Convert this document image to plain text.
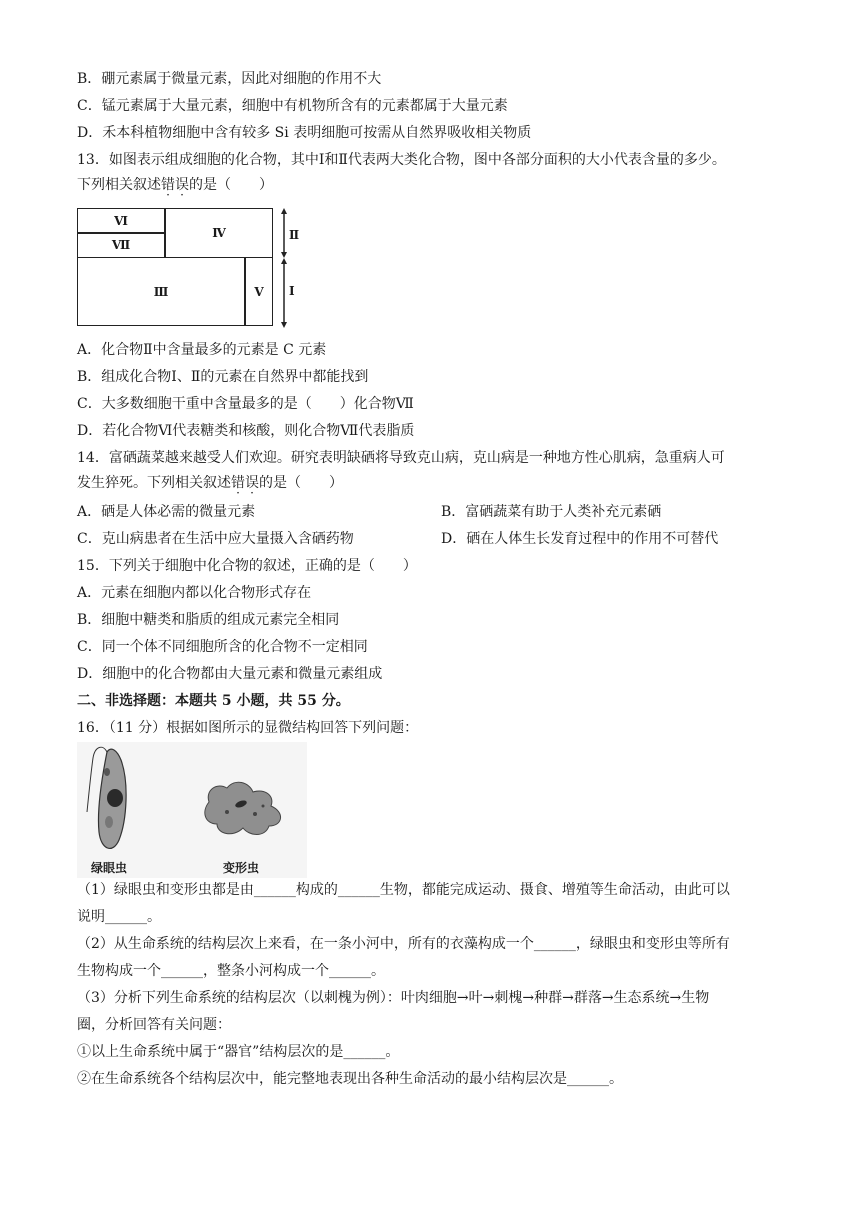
B．硼元素属于微量元素，因此对细胞的作用不大
C．锰元素属于大量元素，细胞中有机物所含有的元素都属于大量元素
D．禾本科植物细胞中含有较多 Si 表明细胞可按需从自然界吸收相关物质
13．如图表示组成细胞的化合物，其中Ⅰ和Ⅱ代表两大类化合物，图中各部分面积的大小代表含量的多少。
下列相关叙述错误的是（　　）
Ⅵ
Ⅶ
Ⅳ
Ⅲ	Ⅴ
Ⅱ
Ⅰ
A．化合物Ⅱ中含量最多的元素是 C 元素
B．组成化合物Ⅰ、Ⅱ的元素在自然界中都能找到
C．大多数细胞干重中含量最多的是（　　）化合物Ⅶ
D．若化合物Ⅵ代表糖类和核酸，则化合物Ⅶ代表脂质
14．富硒蔬菜越来越受人们欢迎。研究表明缺硒将导致克山病，克山病是一种地方性心肌病，急重病人可
发生猝死。下列相关叙述错误的是（　　）
A．硒是人体必需的微量元素	B．富硒蔬菜有助于人类补充元素硒
C．克山病患者在生活中应大量摄入含硒药物	D．硒在人体生长发育过程中的作用不可替代
15．下列关于细胞中化合物的叙述，正确的是（　　）
A．元素在细胞内都以化合物形式存在
B．细胞中糖类和脂质的组成元素完全相同
C．同一个体不同细胞所含的化合物不一定相同
D．细胞中的化合物都由大量元素和微量元素组成
二、非选择题：本题共 5 小题，共 55 分。
16．（11 分）根据如图所示的显微结构回答下列问题：
绿眼虫	变形虫
（1）绿眼虫和变形虫都是由______构成的______生物，都能完成运动、摄食、增殖等生命活动，由此可以
说明______。
（2）从生命系统的结构层次上来看，在一条小河中，所有的衣藻构成一个______，绿眼虫和变形虫等所有
生物构成一个______，整条小河构成一个______。
（3）分析下列生命系统的结构层次（以刺槐为例）：叶肉细胞→叶→刺槐→种群→群落→生态系统→生物
圈，分析回答有关问题：
①以上生命系统中属于“器官”结构层次的是______。
②在生命系统各个结构层次中，能完整地表现出各种生命活动的最小结构层次是______。
